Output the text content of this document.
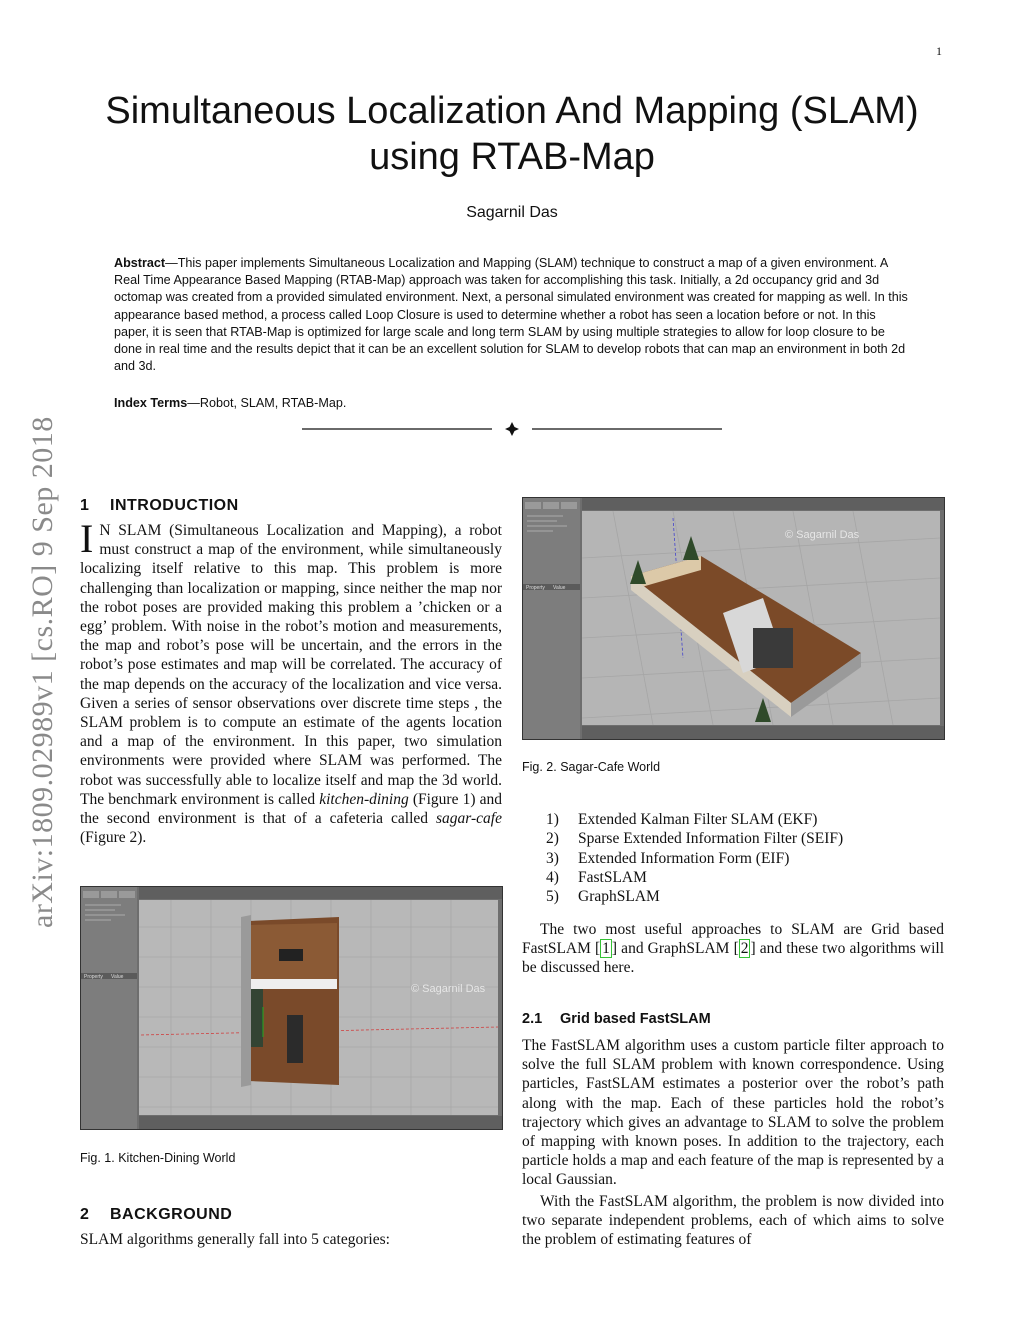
1
arXiv:1809.02989v1 [cs.RO] 9 Sep 2018
Simultaneous Localization And Mapping (SLAM) using RTAB-Map
Sagarnil Das

Abstract—This paper implements Simultaneous Localization and Mapping (SLAM) technique to construct a map of a given environment. A Real Time Appearance Based Mapping (RTAB-Map) approach was taken for accomplishing this task. Initially, a 2d occupancy grid and 3d octomap was created from a provided simulated environment. Next, a personal simulated environment was created for mapping as well. In this appearance based method, a process called Loop Closure is used to determine whether a robot has seen a location before or not. In this paper, it is seen that RTAB-Map is optimized for large scale and long term SLAM by using multiple strategies to allow for loop closure to be done in real time and the results depict that it can be an excellent solution for SLAM to develop robots that can map an environment in both 2d and 3d.

Index Terms—Robot, SLAM, RTAB-Map.
1 INTRODUCTION

I N SLAM (Simultaneous Localization and Mapping), a robot must construct a map of the environment, while simultaneously localizing itself relative to this map. This problem is more challenging than localization or mapping, since neither the map nor the robot poses are provided making this problem a ’chicken or a egg’ problem. With noise in the robot’s motion and measurements, the map and robot’s pose will be uncertain, and the errors in the robot’s pose estimates and map will be correlated. The accuracy of the map depends on the accuracy of the localization and vice versa. Given a series of sensor observations over discrete time steps , the SLAM problem is to compute an estimate of the agents location and a map of the environment. In this paper, two simulation environments were provided where SLAM was performed. The robot was successfully able to localize itself and map the 3d world. The benchmark environment is called kitchen-dining (Figure 1) and the second environment is that of a cafeteria called sagar-cafe (Figure 2).

Property Value
© Sagarnil Das
Fig. 1. Kitchen-Dining World
2 BACKGROUND

SLAM algorithms generally fall into 5 categories:

Property Value
© Sagarnil Das
Fig. 2. Sagar-Cafe World
1) Extended Kalman Filter SLAM (EKF)
2) Sparse Extended Information Filter (SEIF)
3) Extended Information Form (EIF)
4) FastSLAM
5) GraphSLAM

The two most useful approaches to SLAM are Grid based FastSLAM [ 1 ] and GraphSLAM [ 2 ] and these two algorithms will be discussed here.

2.1 Grid based FastSLAM

The FastSLAM algorithm uses a custom particle filter approach to solve the full SLAM problem with known correspondence. Using particles, FastSLAM estimates a posterior over the robot’s path along with the map. Each of these particles hold the robot’s trajectory which gives an advantage to SLAM to solve the problem of mapping with known poses. In addition to the trajectory, each particle holds a map and each feature of the map is represented by a local Gaussian.

With the FastSLAM algorithm, the problem is now divided into two separate independent problems, each of which aims to solve the problem of estimating features of
